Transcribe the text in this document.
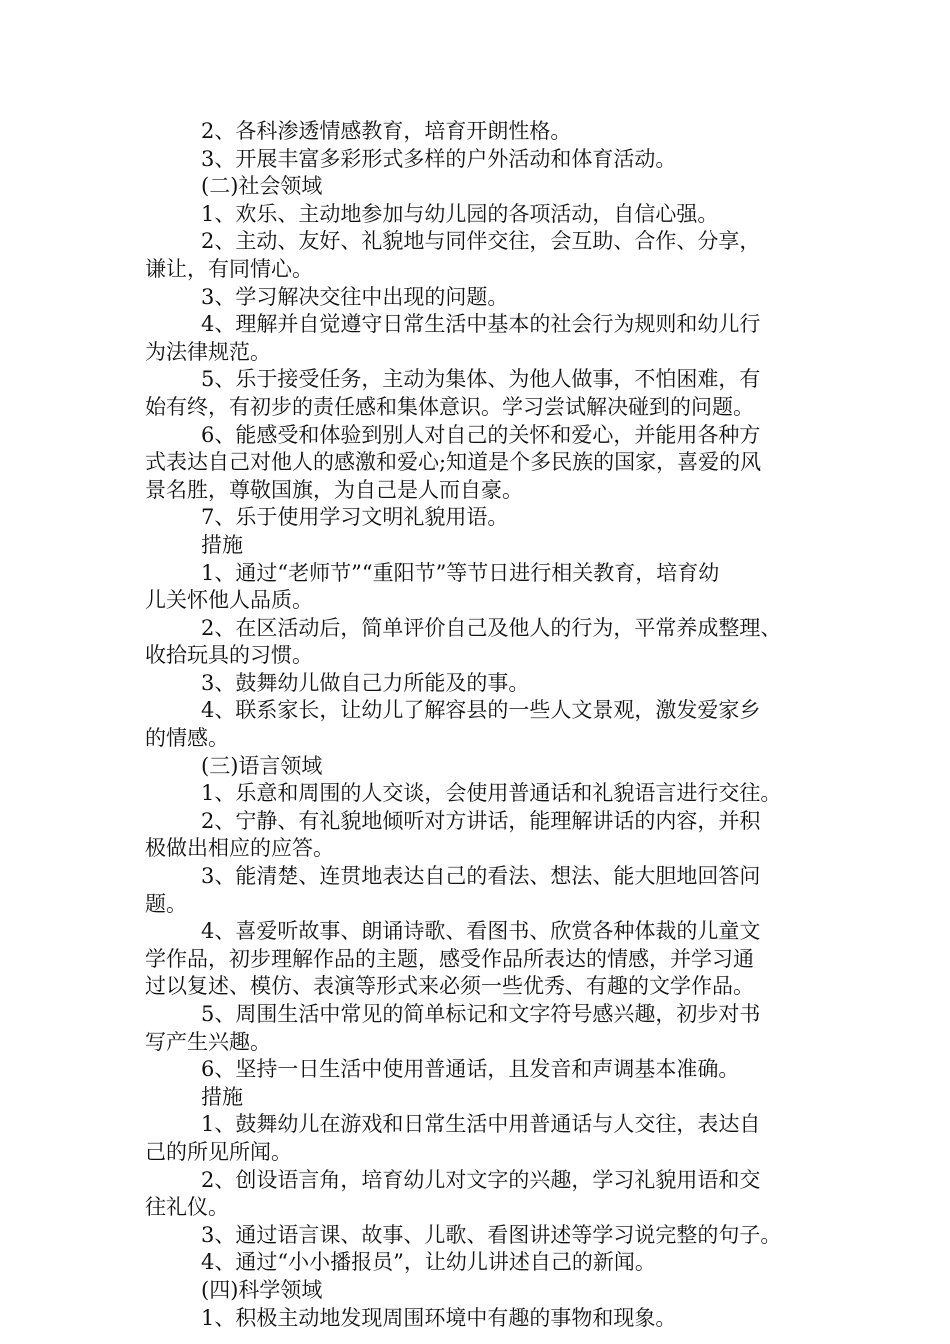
2、各科渗透情感教育，培育开朗性格。
3、开展丰富多彩形式多样的户外活动和体育活动。
(二)社会领域
1、欢乐、主动地参加与幼儿园的各项活动，自信心强。
2、主动、友好、礼貌地与同伴交往，会互助、合作、分享，
谦让，有同情心。
3、学习解决交往中出现的问题。
4、理解并自觉遵守日常生活中基本的社会行为规则和幼儿行
为法律规范。
5、乐于接受任务，主动为集体、为他人做事，不怕困难，有
始有终，有初步的责任感和集体意识。学习尝试解决碰到的问题。
6、能感受和体验到别人对自己的关怀和爱心，并能用各种方
式表达自己对他人的感激和爱心;知道是个多民族的国家，喜爱的风
景名胜，尊敬国旗，为自己是人而自豪。
7、乐于使用学习文明礼貌用语。
措施
1、通过“老师节”“重阳节”等节日进行相关教育，培育幼
儿关怀他人品质。
2、在区活动后，简单评价自己及他人的行为，平常养成整理、
收拾玩具的习惯。
3、鼓舞幼儿做自己力所能及的事。
4、联系家长，让幼儿了解容县的一些人文景观，激发爱家乡
的情感。
(三)语言领域
1、乐意和周围的人交谈，会使用普通话和礼貌语言进行交往。
2、宁静、有礼貌地倾听对方讲话，能理解讲话的内容，并积
极做出相应的应答。
3、能清楚、连贯地表达自己的看法、想法、能大胆地回答问
题。
4、喜爱听故事、朗诵诗歌、看图书、欣赏各种体裁的儿童文
学作品，初步理解作品的主题，感受作品所表达的情感，并学习通
过以复述、模仿、表演等形式来必须一些优秀、有趣的文学作品。
5、周围生活中常见的简单标记和文字符号感兴趣，初步对书
写产生兴趣。
6、坚持一日生活中使用普通话，且发音和声调基本准确。
措施
1、鼓舞幼儿在游戏和日常生活中用普通话与人交往，表达自
己的所见所闻。
2、创设语言角，培育幼儿对文字的兴趣，学习礼貌用语和交
往礼仪。
3、通过语言课、故事、儿歌、看图讲述等学习说完整的句子。
4、通过“小小播报员”，让幼儿讲述自己的新闻。
(四)科学领域
1、积极主动地发现周围环境中有趣的事物和现象。
